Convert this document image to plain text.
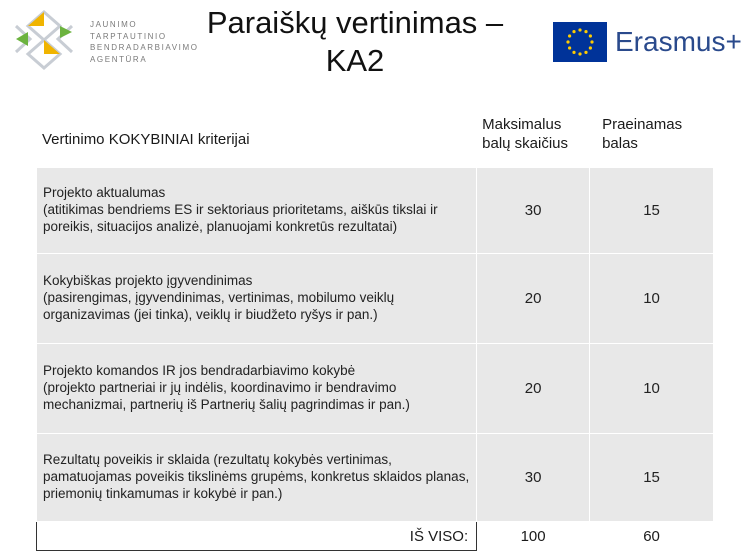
JAUNIMO
TARPTAUTINIO
BENDRADARBIAVIMO
AGENTŪRA
Paraiškų vertinimas –
KA2
Erasmus+
Vertinimo KOKYBINIAI kriterijai	Maksimalus balų skaičius	Praeinamas balas

Projekto aktualumas
(atitikimas bendriems ES ir sektoriaus prioritetams, aiškūs tikslai ir poreikis, situacijos analizė, planuojami konkretūs rezultatai)	30	15

Kokybiškas projekto įgyvendinimas
(pasirengimas, įgyvendinimas, vertinimas, mobilumo veiklų organizavimas (jei tinka), veiklų ir biudžeto ryšys ir pan.)	20	10

Projekto komandos IR jos bendradarbiavimo kokybė
(projekto partneriai ir jų indėlis, koordinavimo ir bendravimo mechanizmai, partnerių iš Partnerių šalių pagrindimas ir pan.)	20	10
Rezultatų poveikis ir sklaida (rezultatų kokybės vertinimas, pamatuojamas poveikis tikslinėms grupėms, konkretus sklaidos planas, priemonių tinkamumas ir kokybė ir pan.)	30	15
IŠ VISO:	100	60
